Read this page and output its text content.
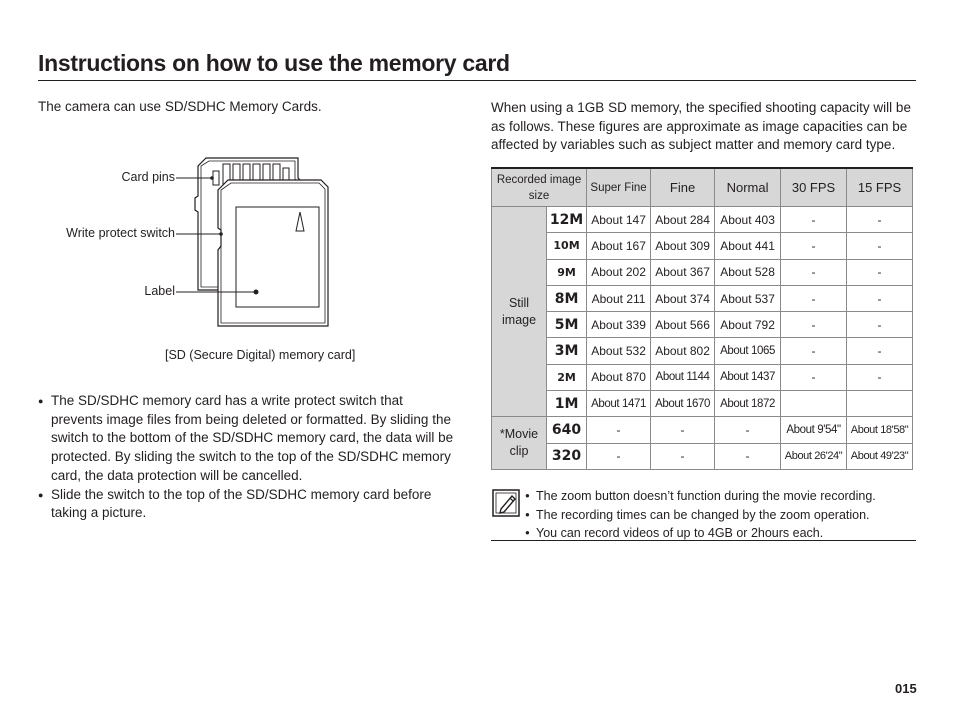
Instructions on how to use the memory card
The camera can use SD/SDHC Memory Cards.
Card pins
Write protect switch
Label
[SD (Secure Digital) memory card]
● The SD/SDHC memory card has a write protect switch that prevents image files from being deleted or formatted. By sliding the switch to the bottom of the SD/SDHC memory card, the data will be protected. By sliding the switch to the top of the SD/SDHC memory card, the data protection will be cancelled.
● Slide the switch to the top of the SD/SDHC memory card before taking a picture.
When using a 1GB SD memory, the specified shooting capacity will be as follows. These figures are approximate as image capacities can be affected by variables such as subject matter and memory card type.
Recorded image size		Super Fine	Fine	Normal	30 FPS	15 FPS
Still image	12M	About 147	About 284	About 403	-	-
	10M	About 167	About 309	About 441	-	-
	9M	About 202	About 367	About 528	-	-
	8M	About 211	About 374	About 537	-	-
	5M	About 339	About 566	About 792	-	-
	3M	About 532	About 802	About 1065	-	-
	2M	About 870	About 1144	About 1437	-	-
	1M	About 1471	About 1670	About 1872		
*Movie clip	640	-	-	-	About 9'54"	About 18'58"
	320	-	-	-	About 26'24"	About 49'23"
● The zoom button doesn’t function during the movie recording.
● The recording times can be changed by the zoom operation.
● You can record videos of up to 4GB or 2hours each.
015
